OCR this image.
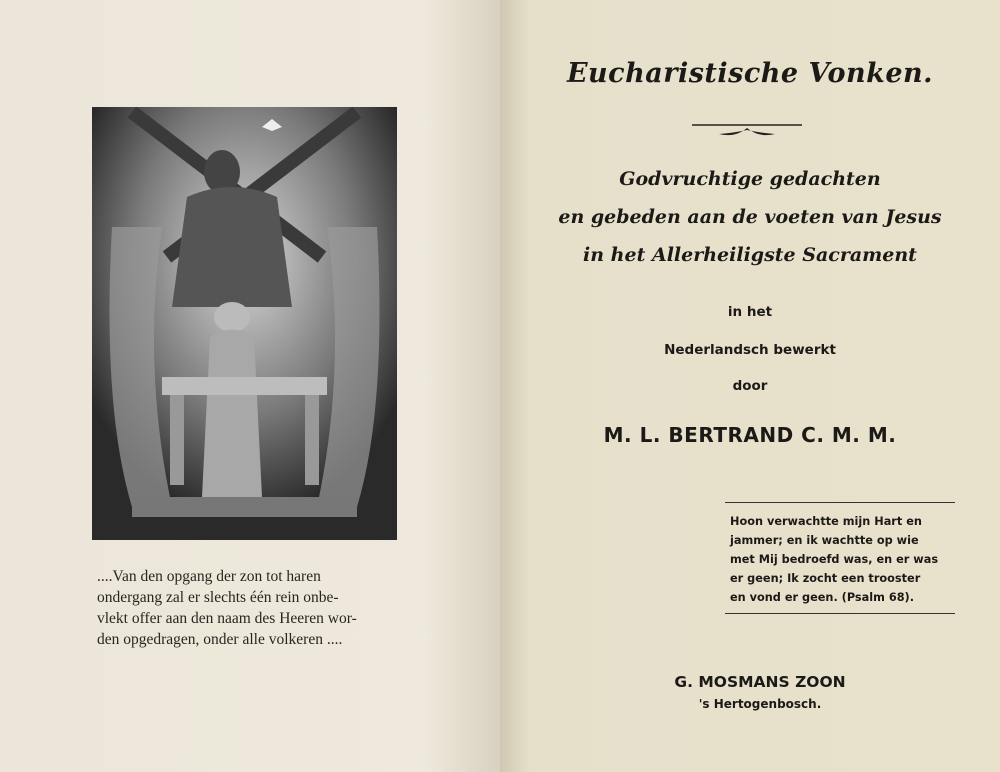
....Van den opgang der zon tot haren
ondergang zal er slechts één rein onbe-
vlekt offer aan den naam des Heeren wor-
den opgedragen, onder alle volkeren ....
Eucharistische Vonken.
Godvruchtige gedachten
en gebeden aan de voeten van Jesus
in het Allerheiligste Sacrament
in het
Nederlandsch bewerkt
door
M. L. BERTRAND C. M. M.
Hoon verwachtte mijn Hart en
jammer; en ik wachtte op wie
met Mij bedroefd was, en er was
er geen; Ik zocht een trooster
en vond er geen. (Psalm 68).
G. MOSMANS ZOON
's Hertogenbosch.
